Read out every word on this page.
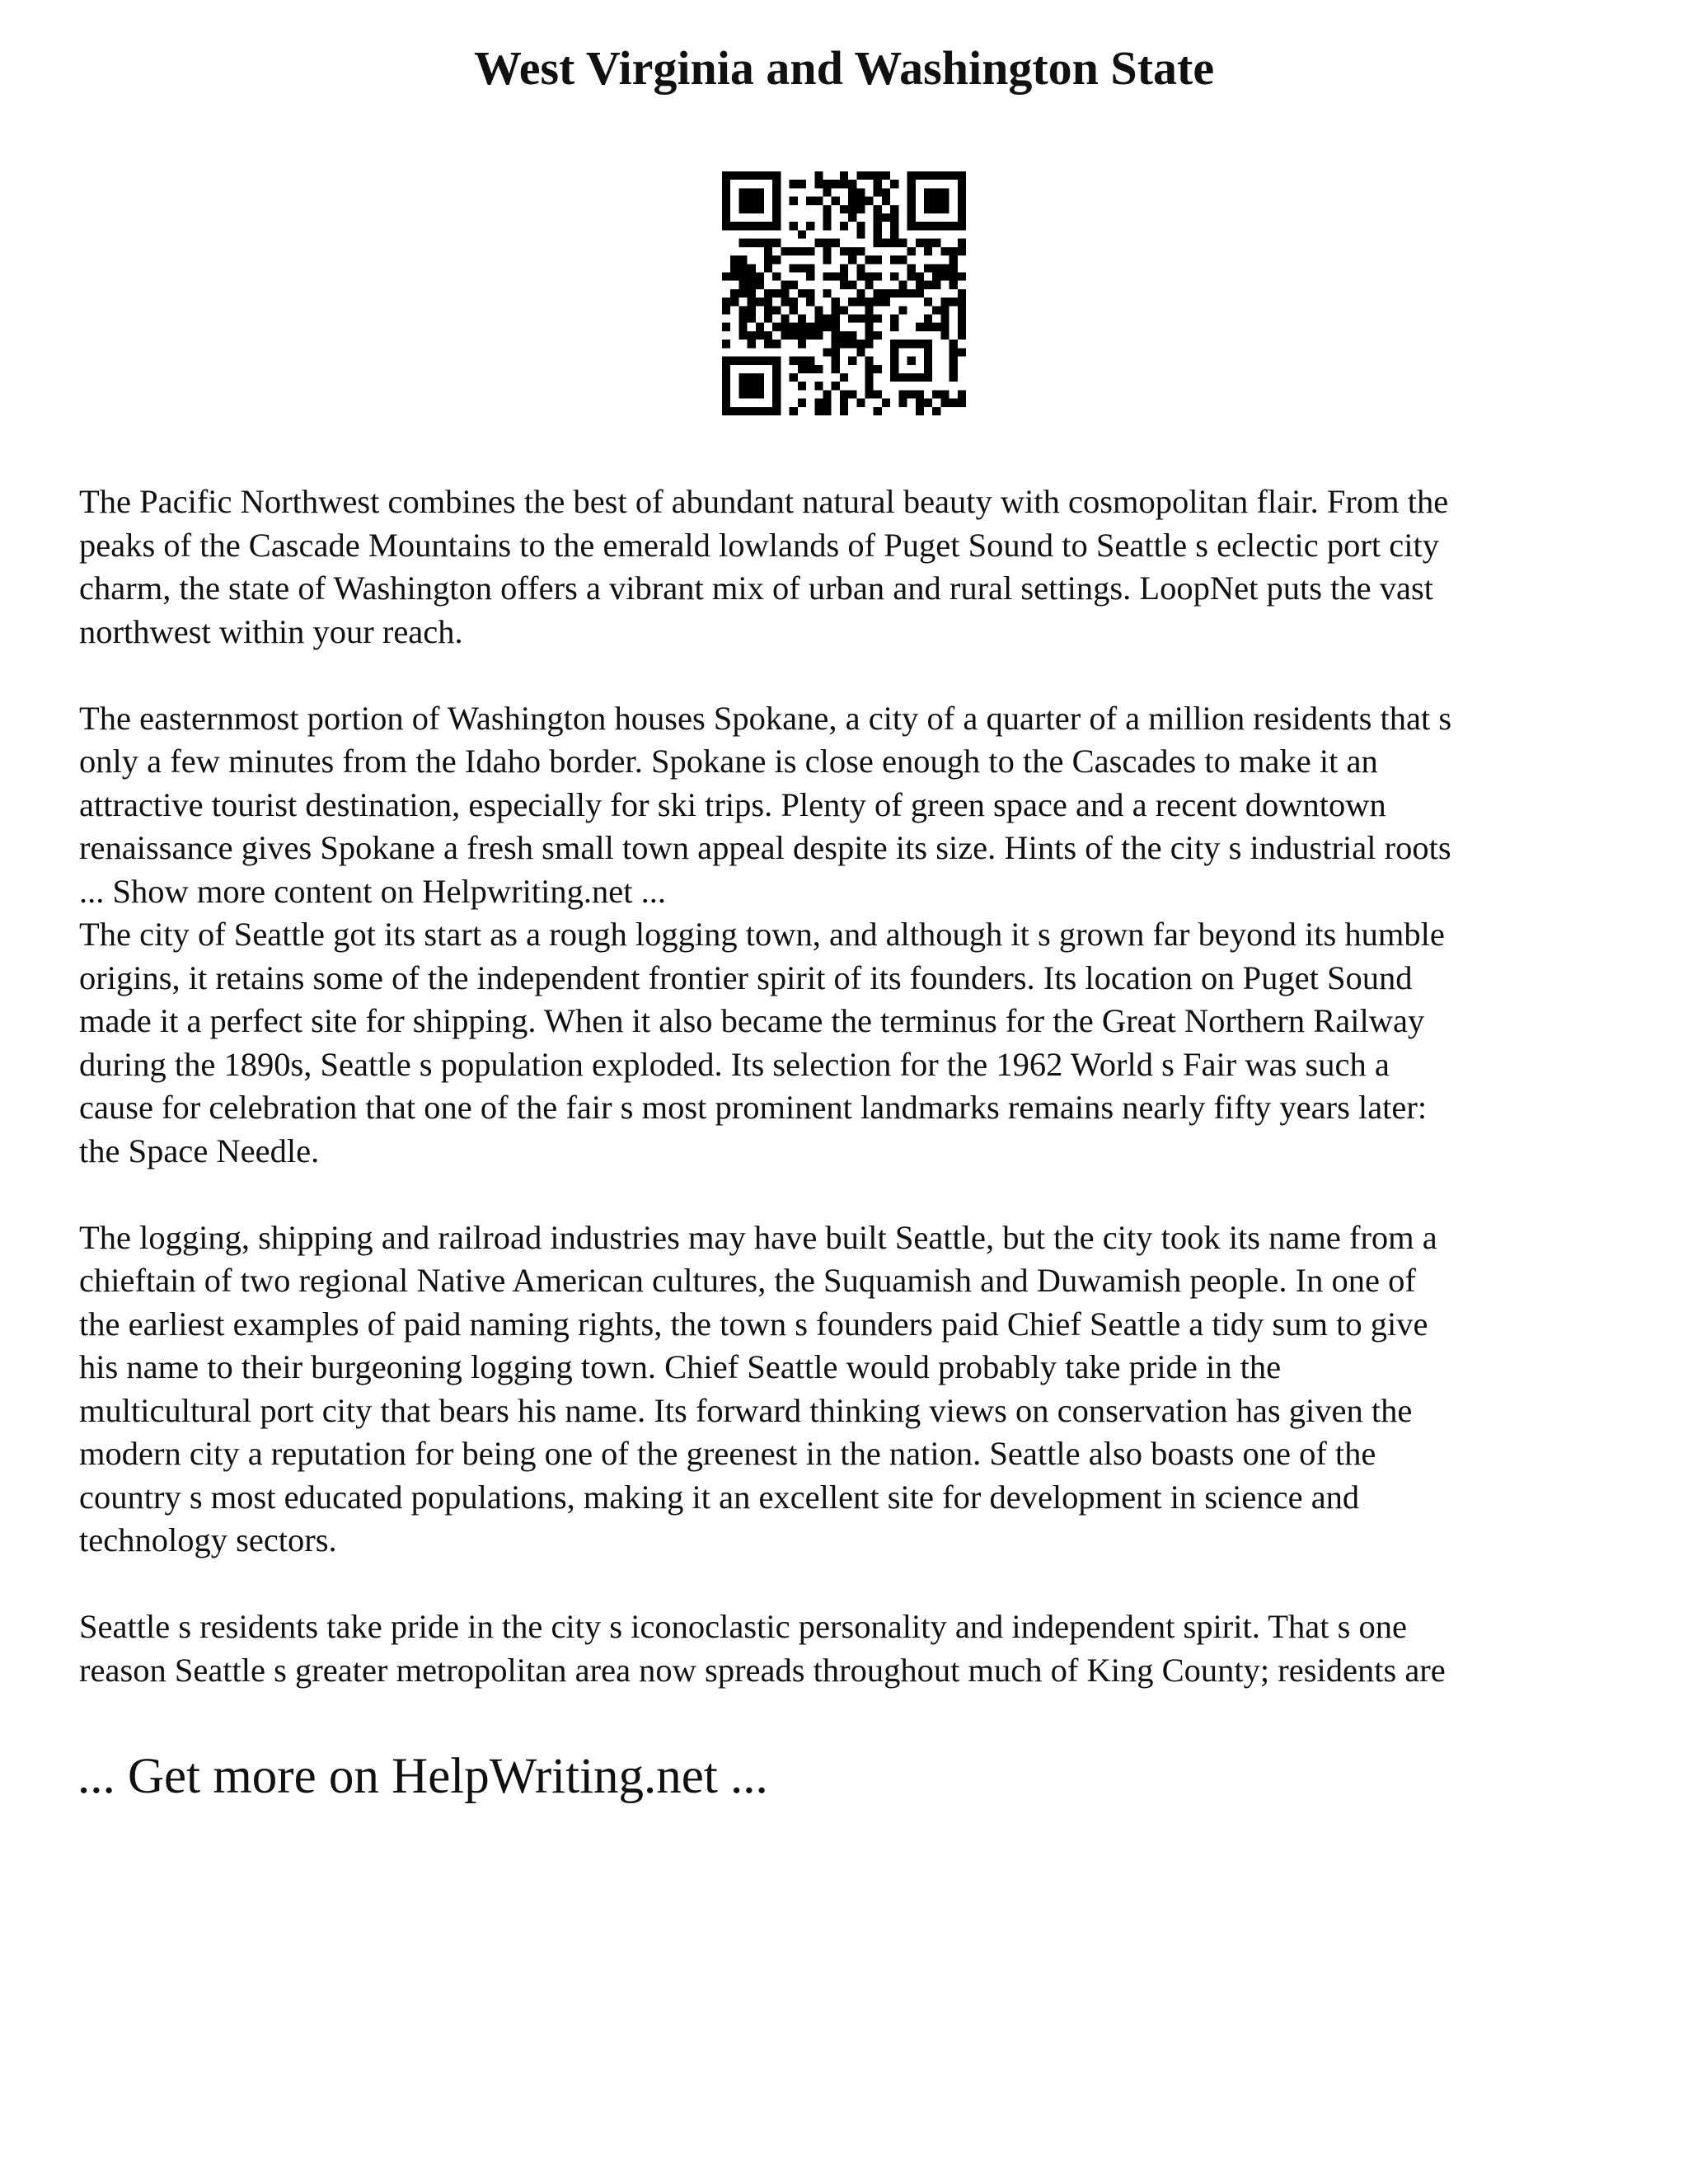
West Virginia and Washington State
The Pacific Northwest combines the best of abundant natural beauty with cosmopolitan flair. From the
peaks of the Cascade Mountains to the emerald lowlands of Puget Sound to Seattle s eclectic port city
charm, the state of Washington offers a vibrant mix of urban and rural settings. LoopNet puts the vast
northwest within your reach.
The easternmost portion of Washington houses Spokane, a city of a quarter of a million residents that s
only a few minutes from the Idaho border. Spokane is close enough to the Cascades to make it an
attractive tourist destination, especially for ski trips. Plenty of green space and a recent downtown
renaissance gives Spokane a fresh small town appeal despite its size. Hints of the city s industrial roots
... Show more content on Helpwriting.net ...
The city of Seattle got its start as a rough logging town, and although it s grown far beyond its humble
origins, it retains some of the independent frontier spirit of its founders. Its location on Puget Sound
made it a perfect site for shipping. When it also became the terminus for the Great Northern Railway
during the 1890s, Seattle s population exploded. Its selection for the 1962 World s Fair was such a
cause for celebration that one of the fair s most prominent landmarks remains nearly fifty years later:
the Space Needle.
The logging, shipping and railroad industries may have built Seattle, but the city took its name from a
chieftain of two regional Native American cultures, the Suquamish and Duwamish people. In one of
the earliest examples of paid naming rights, the town s founders paid Chief Seattle a tidy sum to give
his name to their burgeoning logging town. Chief Seattle would probably take pride in the
multicultural port city that bears his name. Its forward thinking views on conservation has given the
modern city a reputation for being one of the greenest in the nation. Seattle also boasts one of the
country s most educated populations, making it an excellent site for development in science and
technology sectors.
Seattle s residents take pride in the city s iconoclastic personality and independent spirit. That s one
reason Seattle s greater metropolitan area now spreads throughout much of King County; residents are
... Get more on HelpWriting.net ...
